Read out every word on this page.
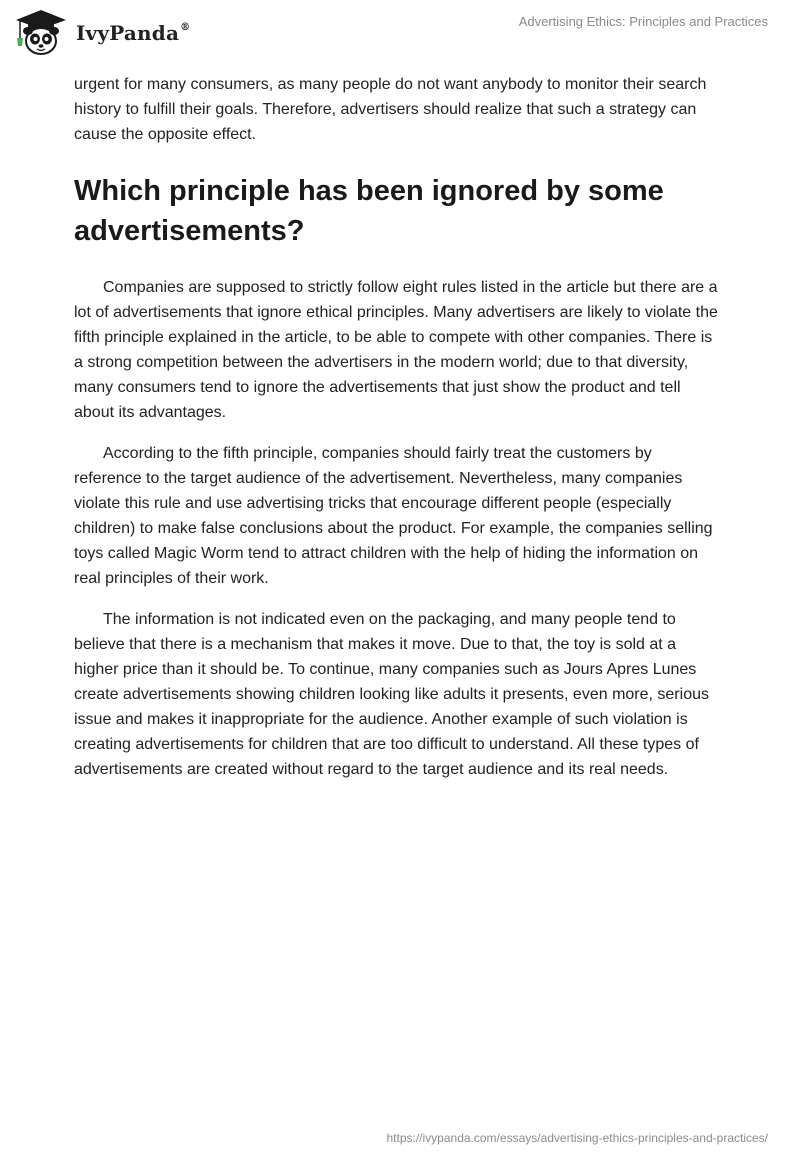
IvyPanda ®	Advertising Ethics: Principles and Practices

urgent for many consumers, as many people do not want anybody to monitor their search history to fulfill their goals. Therefore, advertisers should realize that such a strategy can cause the opposite effect.

Which principle has been ignored by some advertisements?

Companies are supposed to strictly follow eight rules listed in the article but there are a lot of advertisements that ignore ethical principles. Many advertisers are likely to violate the fifth principle explained in the article, to be able to compete with other companies. There is a strong competition between the advertisers in the modern world; due to that diversity, many consumers tend to ignore the advertisements that just show the product and tell about its advantages.

According to the fifth principle, companies should fairly treat the customers by reference to the target audience of the advertisement. Nevertheless, many companies violate this rule and use advertising tricks that encourage different people (especially children) to make false conclusions about the product. For example, the companies selling toys called Magic Worm tend to attract children with the help of hiding the information on real principles of their work.

The information is not indicated even on the packaging, and many people tend to believe that there is a mechanism that makes it move. Due to that, the toy is sold at a higher price than it should be. To continue, many companies such as Jours Apres Lunes create advertisements showing children looking like adults it presents, even more, serious issue and makes it inappropriate for the audience. Another example of such violation is creating advertisements for children that are too difficult to understand. All these types of advertisements are created without regard to the target audience and its real needs.

https://ivypanda.com/essays/advertising-ethics-principles-and-practices/
